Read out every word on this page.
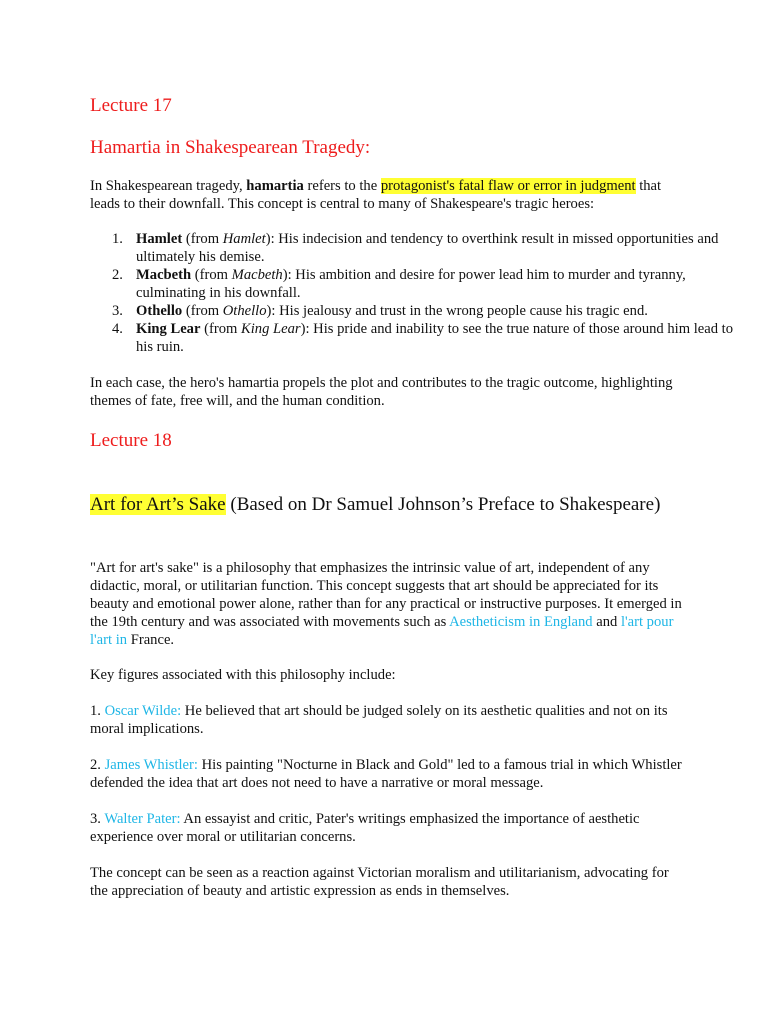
Lecture 17
Hamartia in Shakespearean Tragedy:

In Shakespearean tragedy, hamartia refers to the protagonist's fatal flaw or error in judgment that leads to their downfall. This concept is central to many of Shakespeare's tragic heroes:

1. Hamlet (from Hamlet): His indecision and tendency to overthink result in missed opportunities and ultimately his demise.
2. Macbeth (from Macbeth): His ambition and desire for power lead him to murder and tyranny, culminating in his downfall.
3. Othello (from Othello): His jealousy and trust in the wrong people cause his tragic end.
4. King Lear (from King Lear): His pride and inability to see the true nature of those around him lead to his ruin.

In each case, the hero's hamartia propels the plot and contributes to the tragic outcome, highlighting themes of fate, free will, and the human condition.

Lecture 18
Art for Art’s Sake (Based on Dr Samuel Johnson’s Preface to Shakespeare)

"Art for art's sake" is a philosophy that emphasizes the intrinsic value of art, independent of any didactic, moral, or utilitarian function. This concept suggests that art should be appreciated for its beauty and emotional power alone, rather than for any practical or instructive purposes. It emerged in the 19th century and was associated with movements such as Aestheticism in England and l'art pour l'art in France.

Key figures associated with this philosophy include:

1. Oscar Wilde: He believed that art should be judged solely on its aesthetic qualities and not on its moral implications.

2. James Whistler: His painting "Nocturne in Black and Gold" led to a famous trial in which Whistler defended the idea that art does not need to have a narrative or moral message.

3. Walter Pater: An essayist and critic, Pater's writings emphasized the importance of aesthetic experience over moral or utilitarian concerns.

The concept can be seen as a reaction against Victorian moralism and utilitarianism, advocating for the appreciation of beauty and artistic expression as ends in themselves.
